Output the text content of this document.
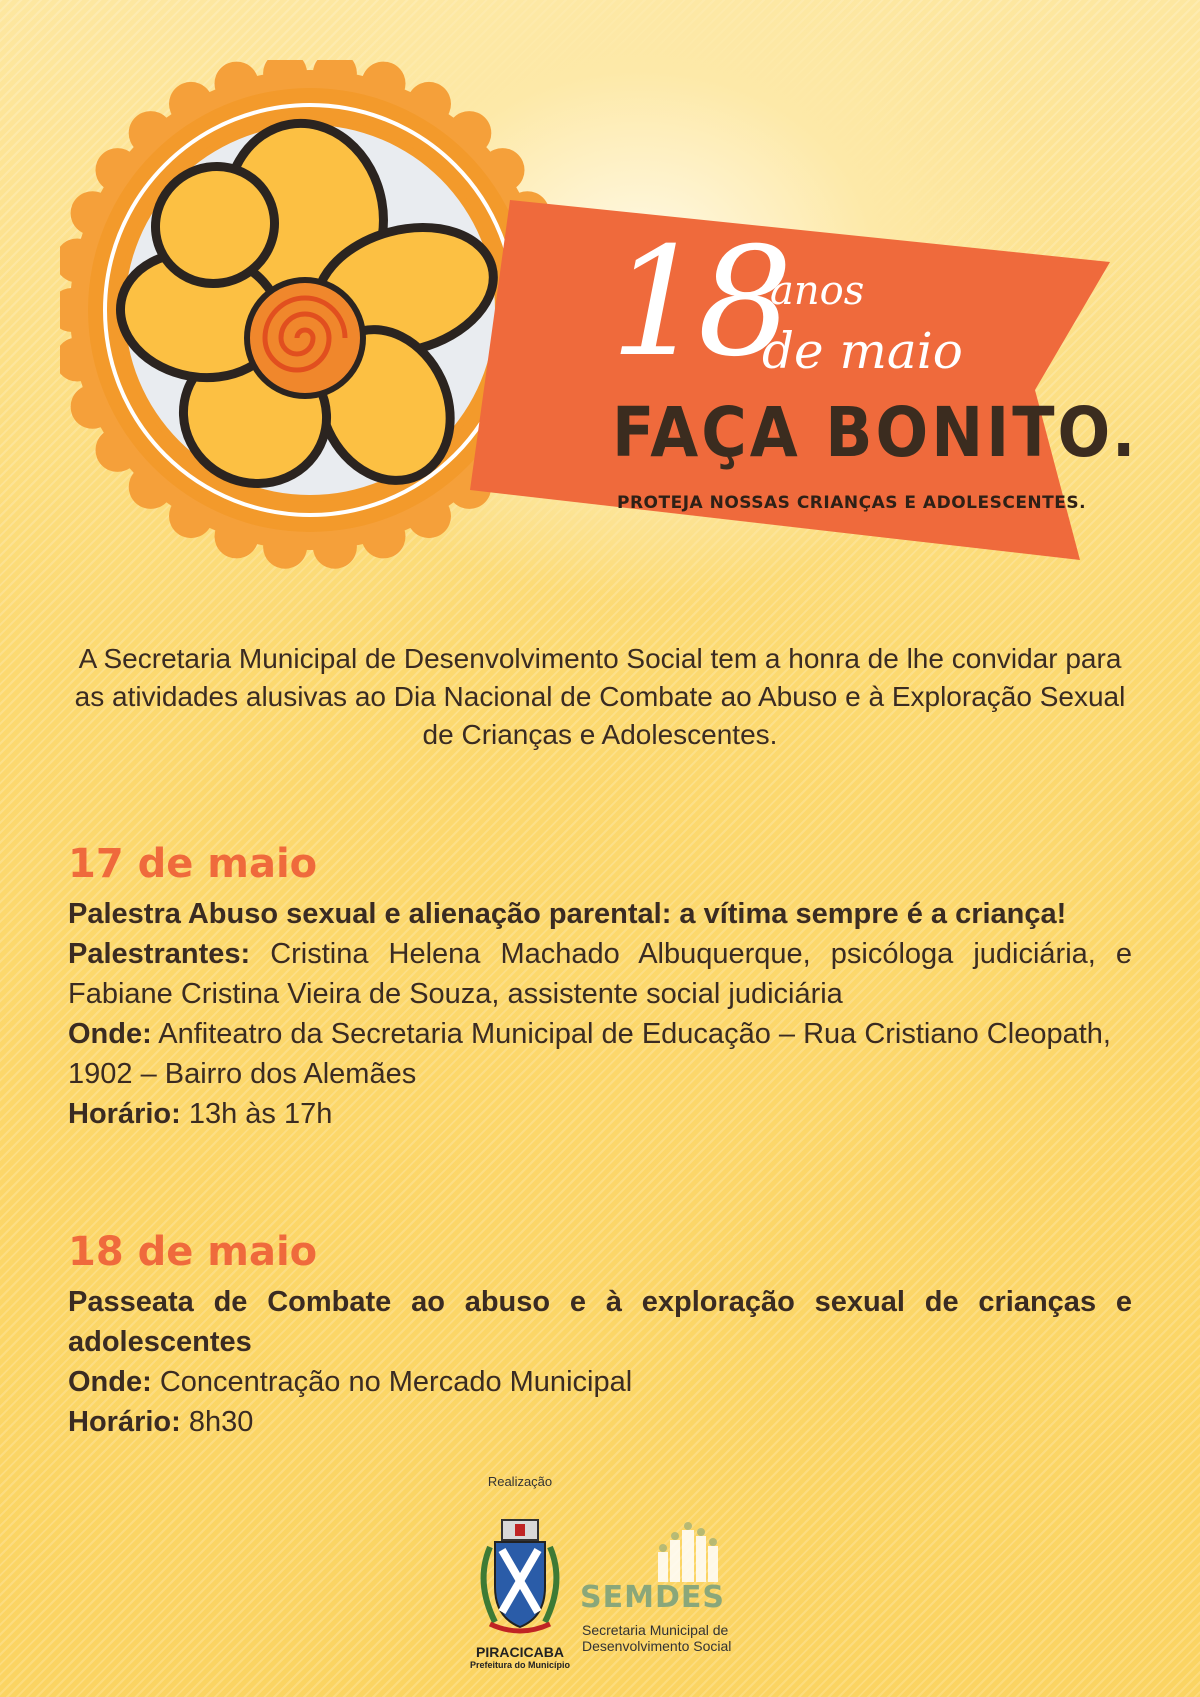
18
anos
de maio
FAÇA BONITO.
PROTEJA NOSSAS CRIANÇAS E ADOLESCENTES.
A Secretaria Municipal de Desenvolvimento Social tem a honra de lhe convidar para as atividades alusivas ao Dia Nacional de Combate ao Abuso e à Exploração Sexual de Crianças e Adolescentes.
17 de maio
Palestra Abuso sexual e alienação parental: a vítima sempre é a criança!
Palestrantes: Cristina Helena Machado Albuquerque, psicóloga judiciária, e Fabiane Cristina Vieira de Souza, assistente social judiciária
Onde: Anfiteatro da Secretaria Municipal de Educação – Rua Cristiano Cleopath, 1902 – Bairro dos Alemães
Horário: 13h às 17h
18 de maio
Passeata de Combate ao abuso e à exploração sexual de crianças e adolescentes
Onde: Concentração no Mercado Municipal
Horário: 8h30
Realização
PIRACICABA
Prefeitura do Município
SEMDES
Secretaria Municipal de Desenvolvimento Social
